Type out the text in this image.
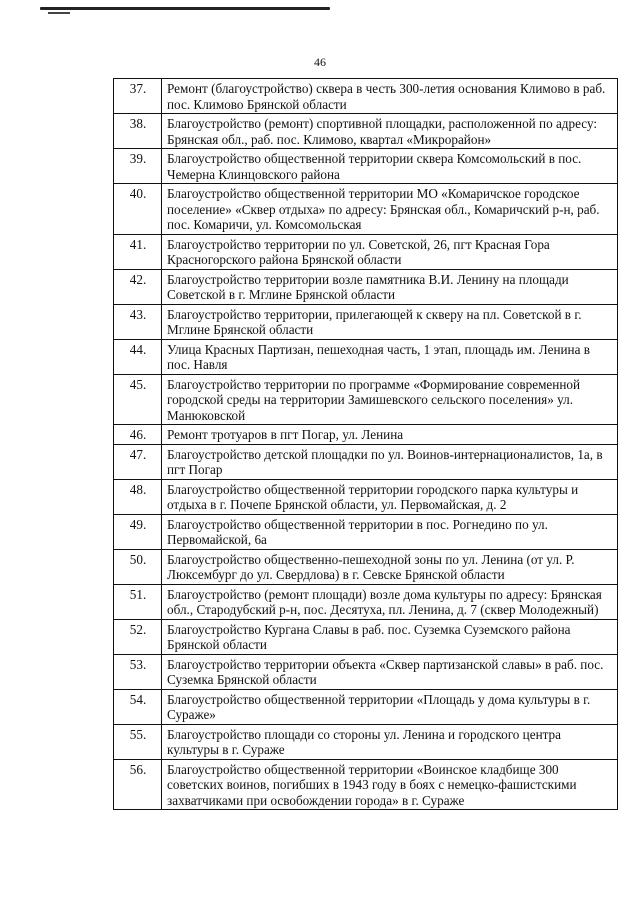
46
37.	Ремонт (благоустройство) сквера в честь 300-летия основания Климово в раб. пос. Климово Брянской области
38.	Благоустройство (ремонт) спортивной площадки, расположенной по адресу: Брянская обл., раб. пос. Климово, квартал «Микрорайон»
39.	Благоустройство общественной территории сквера Комсомольский в пос. Чемерна Клинцовского района
40.	Благоустройство общественной территории МО «Комаричское городское поселение» «Сквер отдыха» по адресу: Брянская обл., Комаричский р-н, раб. пос. Комаричи, ул. Комсомольская
41.	Благоустройство территории по ул. Советской, 26, пгт Красная Гора Красногорского района Брянской области
42.	Благоустройство территории возле памятника В.И. Ленину на площади Советской в г. Мглине Брянской области
43.	Благоустройство территории, прилегающей к скверу на пл. Советской в г. Мглине Брянской области
44.	Улица Красных Партизан, пешеходная часть, 1 этап, площадь им. Ленина в пос. Навля
45.	Благоустройство территории по программе «Формирование современной городской среды на территории Замишевского сельского поселения» ул. Манюковской
46.	Ремонт тротуаров в пгт Погар, ул. Ленина
47.	Благоустройство детской площадки по ул. Воинов-интернационалистов, 1а, в пгт Погар
48.	Благоустройство общественной территории городского парка культуры и отдыха в г. Почепе Брянской области, ул. Первомайская, д. 2
49.	Благоустройство общественной территории в пос. Рогнедино по ул. Первомайской, 6а
50.	Благоустройство общественно-пешеходной зоны по ул. Ленина (от ул. Р. Люксембург до ул. Свердлова) в г. Севске Брянской области
51.	Благоустройство (ремонт площади) возле дома культуры по адресу: Брянская обл., Стародубский р-н, пос. Десятуха, пл. Ленина, д. 7 (сквер Молодежный)
52.	Благоустройство Кургана Славы в раб. пос. Суземка Суземского района Брянской области
53.	Благоустройство территории объекта «Сквер партизанской славы» в раб. пос. Суземка Брянской области
54.	Благоустройство общественной территории «Площадь у дома культуры в г. Сураже»
55.	Благоустройство площади со стороны ул. Ленина и городского центра культуры в г. Сураже
56.	Благоустройство общественной территории «Воинское кладбище 300 советских воинов, погибших в 1943 году в боях с немецко-фашистскими захватчиками при освобождении города» в г. Сураже
